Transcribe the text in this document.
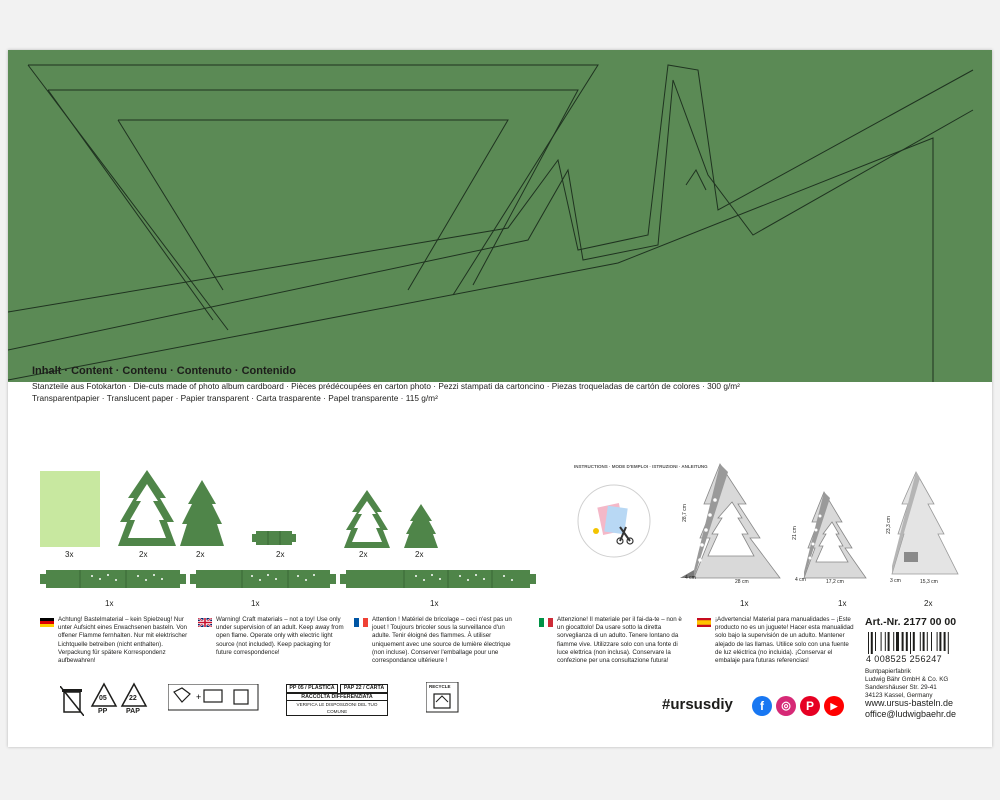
Inhalt · Content · Contenu · Contenuto · Contenido
Stanzteile aus Fotokarton · Die-cuts made of photo album cardboard · Pièces prédécoupées en carton photo · Pezzi stampati da cartoncino · Piezas troqueladas de cartón de colores · 300 g/m²
Transparentpapier · Translucent paper · Papier transparent · Carta trasparente · Papel transparente · 115 g/m²
3x	2x	2x	2x	2x	2x
1x	1x	1x
INSTRUCTIONS · MODE D'EMPLOI · ISTRUZIONI · ANLEITUNG
28,7 cm
28 cm
4 cm
1x
21 cm
17,2 cm
4 cm
1x
23,3 cm
15,3 cm
3 cm
2x
Achtung! Bastelmaterial – kein Spielzeug! Nur unter Aufsicht eines Erwachsenen basteln. Von offener Flamme fernhalten. Nur mit elektrischer Lichtquelle betreiben (nicht enthalten). Verpackung für spätere Korrespondenz aufbewahren!
Warning! Craft materials – not a toy! Use only under supervision of an adult. Keep away from open flame. Operate only with electric light source (not included). Keep packaging for future correspondence!
Attention ! Matériel de bricolage – ceci n'est pas un jouet ! Toujours bricoler sous la surveillance d'un adulte. Tenir éloigné des flammes. À utiliser uniquement avec une source de lumière électrique (non incluse). Conserver l'emballage pour une correspondance ultérieure !
Attenzione! Il materiale per il fai-da-te – non è un giocattolo! Da usare sotto la diretta sorveglianza di un adulto. Tenere lontano da fiamme vive. Utilizzare solo con una fonte di luce elettrica (non inclusa). Conservare la confezione per una consultazione futura!
¡Advertencia! Material para manualidades – ¡Este producto no es un juguete! Hacer esta manualidad solo bajo la supervisión de un adulto. Mantener alejado de las llamas. Utilice solo con una fuente de luz eléctrica (no incluida). ¡Conservar el embalaje para futuras referencias!
Art.-Nr. 2177 00 00
4 008525 256247
Buntpapierfabrik
Ludwig Bähr GmbH & Co. KG
Sandershäuser Str. 29-41
34123 Kassel, Germany
www.ursus-basteln.de
office@ludwigbaehr.de
#ursusdiy	f	◎	P	▶
05
PP
22
PAP
+
PP 05 / PLASTICA	PAP 22 / CARTA
RACCOLTA DIFFERENZIATA
VERIFICA LE DISPOSIZIONI DEL TUO COMUNE
RECYCLE
